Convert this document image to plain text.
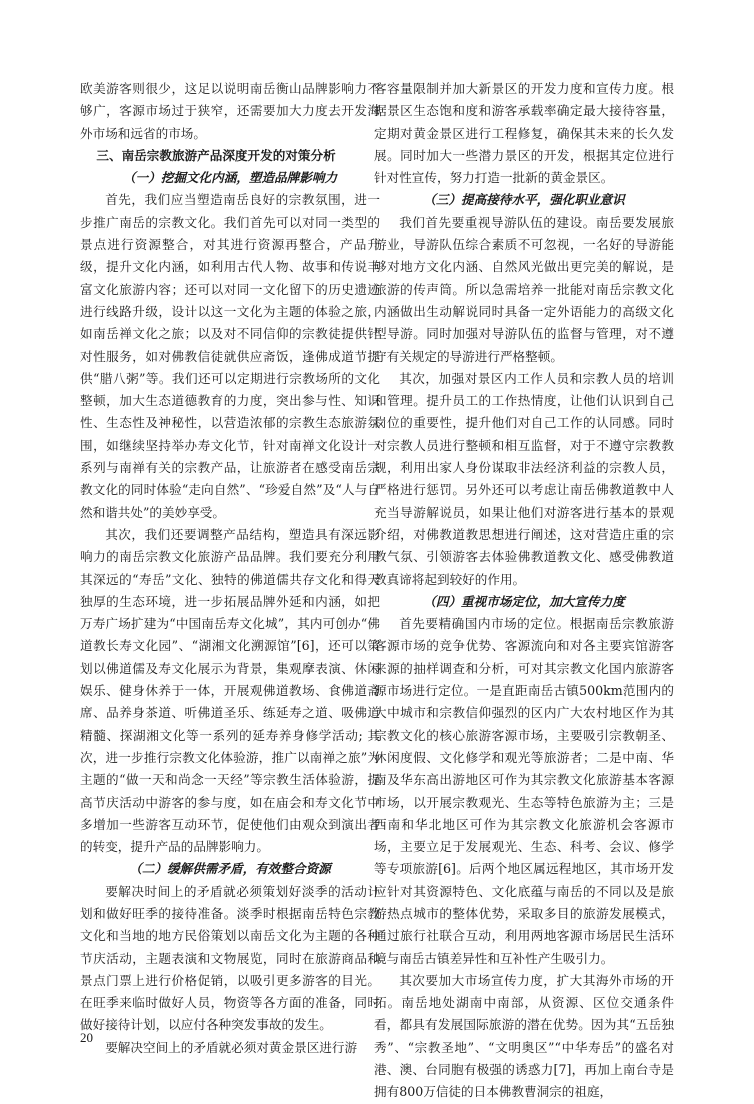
欧美游客则很少，这足以说明南岳衡山品牌影响力不够广，客源市场过于狭窄，还需要加大力度去开发海外市场和远省的市场。

三、南岳宗教旅游产品深度开发的对策分析

（一）挖掘文化内涵，塑造品牌影响力

首先，我们应当塑造南岳良好的宗教氛围，进一步推广南岳的宗教文化。我们首先可以对同一类型的景点进行资源整合，对其进行资源再整合，产品升级，提升文化内涵，如利用古代人物、故事和传说丰富文化旅游内容；还可以对同一文化留下的历史遗迹进行线路升级，设计以这一文化为主题的体验之旅，如南岳禅文化之旅；以及对不同信仰的宗教徒提供针对性服务，如对佛教信徒就供应斋饭，逢佛成道节提供“腊八粥”等。我们还可以定期进行宗教场所的文化整顿，加大生态道德教育的力度，突出参与性、知识性、生态性及神秘性，以营造浓郁的宗教生态旅游氛围，如继续坚持举办寿文化节，针对南禅文化设计一系列与南禅有关的宗教产品，让旅游者在感受南岳宗教文化的同时体验“走向自然”、“珍爱自然”及“人与自然和谐共处”的美妙享受。

其次，我们还要调整产品结构，塑造具有深远影响力的南岳宗教文化旅游产品品牌。我们要充分利用其深远的“寿岳”文化、独特的佛道儒共存文化和得天独厚的生态环境，进一步拓展品牌外延和内涵，如把万寿广场扩建为“中国南岳寿文化城”，其内可创办“佛道教长寿文化园”、“湖湘文化溯源馆”[6]，还可以策划以佛道儒及寿文化展示为背景，集观摩表演、休闲娱乐、健身休养于一体，开展观佛道教场、食佛道斋席、品养身茶道、听佛道圣乐、练延寿之道、吸佛道精髓、探湖湘文化等一系列的延寿养身修学活动; 其次，进一步推行宗教文化体验游，推广以南禅之旅”为主题的“做一天和尚念一天经”等宗教生活体验游，提高节庆活动中游客的参与度，如在庙会和寿文化节中多增加一些游客互动环节，促使他们由观众到演出者的转变，提升产品的品牌影响力。

（二）缓解供需矛盾，有效整合资源

要解决时间上的矛盾就必须策划好淡季的活动计划和做好旺季的接待准备。淡季时根据南岳特色宗教文化和当地的地方民俗策划以南岳文化为主题的各种节庆活动，主题表演和文物展览，同时在旅游商品和景点门票上进行价格促销，以吸引更多游客的目光。在旺季来临时做好人员，物资等各方面的准备，同时做好接待计划，以应付各种突发事故的发生。

要解决空间上的矛盾就必须对黄金景区进行游

客容量限制并加大新景区的开发力度和宣传力度。根据景区生态饱和度和游客承载率确定最大接待容量，定期对黄金景区进行工程修复，确保其未来的长久发展。同时加大一些潜力景区的开发，根据其定位进行针对性宣传，努力打造一批新的黄金景区。

（三）提高接待水平，强化职业意识

我们首先要重视导游队伍的建设。南岳要发展旅游业，导游队伍综合素质不可忽视，一名好的导游能够对地方文化内涵、自然风光做出更完美的解说，是旅游的传声筒。所以急需培养一批能对南岳宗教文化内涵做出生动解说同时具备一定外语能力的高级文化型导游。同时加强对导游队伍的监督与管理，对不遵守有关规定的导游进行严格整顿。

其次，加强对景区内工作人员和宗教人员的培训和管理。提升员工的工作热情度，让他们认识到自己岗位的重要性，提升他们对自己工作的认同感。同时对宗教人员进行整顿和相互监督，对于不遵守宗教教规，利用出家人身份谋取非法经济利益的宗教人员，严格进行惩罚。另外还可以考虑让南岳佛教道教中人充当导游解说员，如果让他们对游客进行基本的景观介绍，对佛教道教思想进行阐述，这对营造庄重的宗教气氛、引领游客去体验佛教道教文化、感受佛教道教真谛将起到较好的作用。

（四）重视市场定位，加大宣传力度

首先要精确国内市场的定位。根据南岳宗教旅游客源市场的竞争优势、客源流向和对各主要宾馆游客来源的抽样调查和分析，可对其宗教文化国内旅游客源市场进行定位。一是直距南岳古镇500km范围内的大中城市和宗教信仰强烈的区内广大农村地区作为其宗教文化的核心旅游客源市场，主要吸引宗教朝圣、休闲度假、文化修学和观光等旅游者；二是中南、华南及华东高出游地区可作为其宗教文化旅游基本客源市场，以开展宗教观光、生态等特色旅游为主；三是西南和华北地区可作为其宗教文化旅游机会客源市场，主要立足于发展观光、生态、科考、会议、修学等专项旅游[6]。后两个地区属远程地区，其市场开发应针对其资源特色、文化底蕴与南岳的不同以及是旅游热点城市的整体优势，采取多目的旅游发展模式，通过旅行社联合互动，利用两地客源市场居民生活环境与南岳古镇差异性和互补性产生吸引力。

其次要加大市场宣传力度，扩大其海外市场的开拓。南岳地处湖南中南部，从资源、区位交通条件看，都具有发展国际旅游的潜在优势。因为其“五岳独秀”、“宗教圣地”、“文明奥区”“中华寿岳”的盛名对港、澳、台同胞有极强的诱惑力[7]，再加上南台寺是拥有800万信徒的日本佛教曹洞宗的祖庭，

20
